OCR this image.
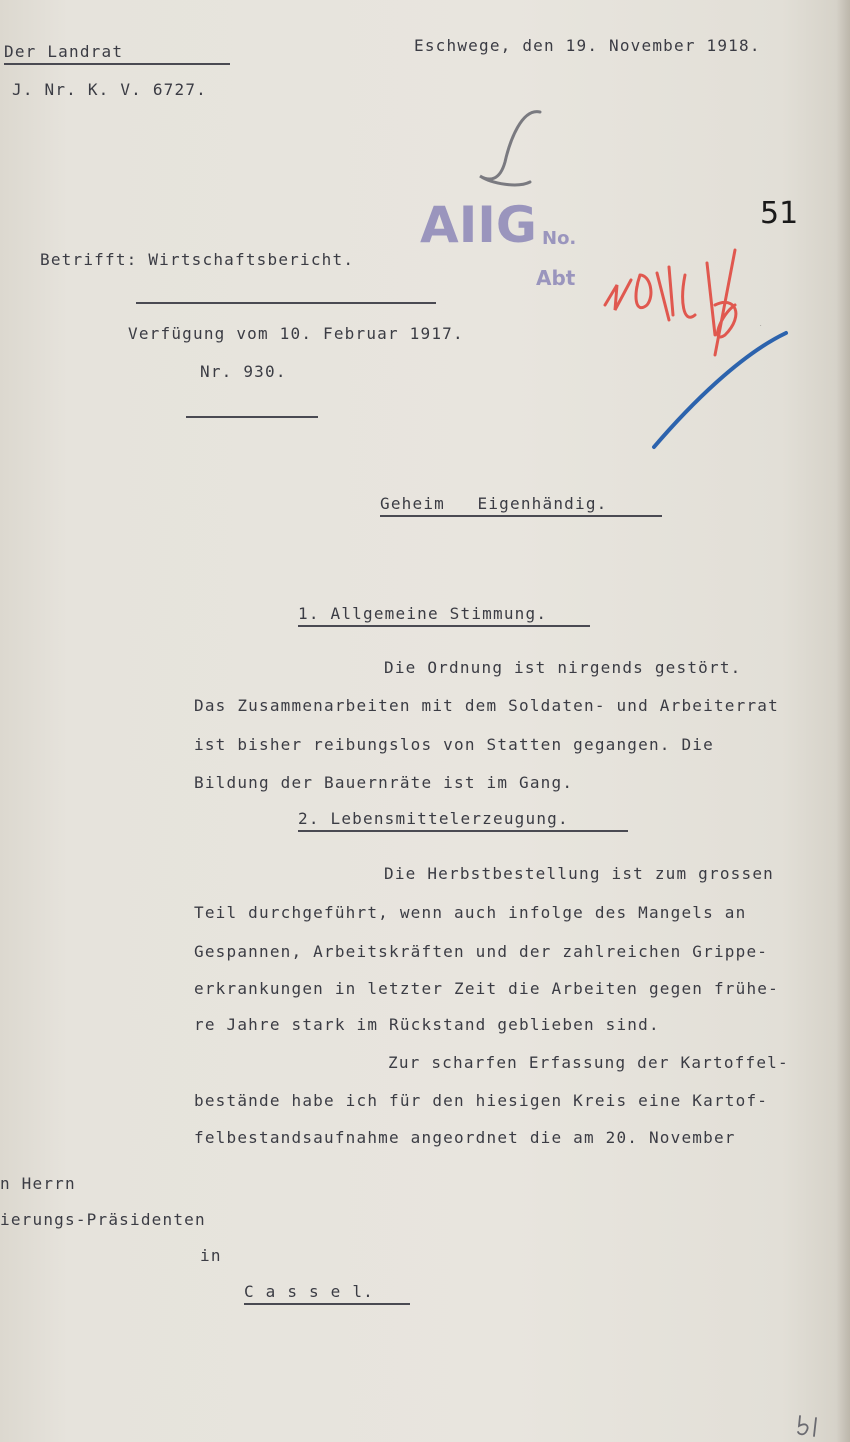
Der Landrat
J. Nr. K. V. 6727.
Eschwege, den 19. November 1918.
AIIG No.
Abt
51
Betrifft: Wirtschaftsbericht.
Verfügung vom 10. Februar 1917.
Nr. 930.
Geheim   Eigenhändig.
1. Allgemeine Stimmung.
Die Ordnung ist nirgends gestört.
Das Zusammenarbeiten mit dem Soldaten- und Arbeiterrat
ist bisher reibungslos von Statten gegangen. Die
Bildung der Bauernräte ist im Gang.
2. Lebensmittelerzeugung.
Die Herbstbestellung ist zum grossen
Teil durchgeführt, wenn auch infolge des Mangels an
Gespannen, Arbeitskräften und der zahlreichen Grippe-
erkrankungen in letzter Zeit die Arbeiten gegen frühe-
re Jahre stark im Rückstand geblieben sind.
Zur scharfen Erfassung der Kartoffel-
bestände habe ich für den hiesigen Kreis eine Kartof-
felbestandsaufnahme angeordnet die am 20. November
n Herrn
ierungs-Präsidenten
in
C a s s e l.
